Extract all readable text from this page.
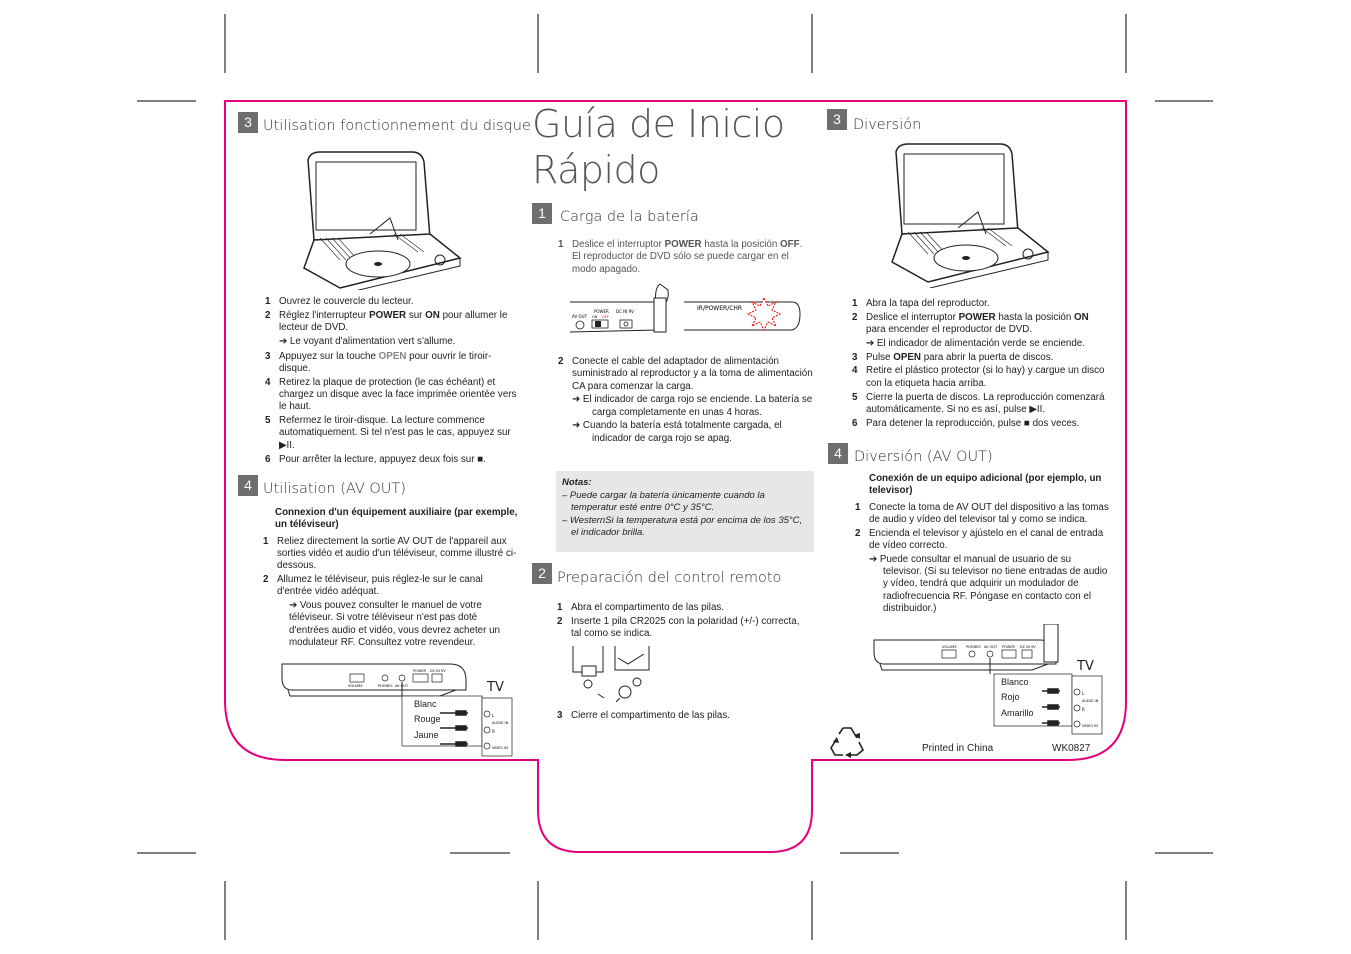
3 Utilisation fonctionnement du disque
1 Ouvrez le couvercle du lecteur.
2 Réglez l'interrupteur POWER sur ON pour allumer le lecteur de DVD.
➔ Le voyant d'alimentation vert s'allume.
3 Appuyez sur la touche OPEN pour ouvrir le tiroir-disque.
4 Retirez la plaque de protection (le cas échéant) et chargez un disque avec la face imprimée orientée vers le haut.
5 Refermez le tiroir-disque. La lecture commence automatiquement. Si tel n'est pas le cas, appuyez sur ▶II.
6 Pour arrêter la lecture, appuyez deux fois sur ■.
4 Utilisation (AV OUT)
Connexion d'un équipement auxiliaire (par exemple, un téléviseur)
1 Reliez directement la sortie AV OUT de l'appareil aux sorties vidéo et audio d'un téléviseur, comme illustré ci-dessous.
2 Allumez le téléviseur, puis réglez-le sur le canal d'entrée vidéo adéquat.
➔ Vous pouvez consulter le manuel de votre téléviseur. Si votre téléviseur n'est pas doté d'entrées audio et vidéo, vous devrez acheter un modulateur RF. Consultez votre revendeur.
VOLUME	PHONES AV OUT
POWER DC IN 9V
AUDIO IN
VIDEO IN
L
R
TV
Blanc
Rouge
Jaune
Guía de Inicio
Rápido
1 Carga de la batería
1 Deslice el interruptor POWER hasta la posición OFF. El reproductor de DVD sólo se puede cargar en el modo apagado.
AV OUT
POWER
ON OFF
DC IN 9V	IR/POWER/CHR
2 Conecte el cable del adaptador de alimentación suministrado al reproductor y a la toma de alimentación CA para comenzar la carga.
➜ El indicador de carga rojo se enciende. La batería se carga completamente en unas 4 horas.
➜ Cuando la batería está totalmente cargada, el indicador de carga rojo se apag.
Notas:
– Puede cargar la batería únicamente cuando la temperatur esté entre 0°C y 35°C.
– WesternSi la temperatura está por encima de los 35°C, el indicador brilla.
2 Preparación del control remoto
1 Abra el compartimento de las pilas.
2 Inserte 1 pila CR2025 con la polaridad (+/-) correcta, tal como se indica.
3 Cierre el compartimento de las pilas.
3 Diversión
1 Abra la tapa del reproductor.
2 Deslice el interruptor POWER hasta la posición ON para encender el reproductor de DVD.
➔ El indicador de alimentación verde se enciende.
3 Pulse OPEN para abrir la puerta de discos.
4 Retire el plástico protector (si lo hay) y cargue un disco con la etiqueta hacia arriba.
5 Cierre la puerta de discos. La reproducción comenzará automáticamente. Si no es así, pulse ▶II.
6 Para detener la reproducción, pulse ■ dos veces.
4 Diversión (AV OUT)
Conexión de un equipo adicional (por ejemplo, un televisor)
1 Conecte la toma de AV OUT del dispositivo a las tomas de audio y vídeo del televisor tal y como se indica.
2 Encienda el televisor y ajústelo en el canal de entrada de vídeo correcto.
➔ Puede consultar el manual de usuario de su televisor. (Si su televisor no tiene entradas de audio y vídeo, tendrá que adquirir un modulador de radiofrecuencia RF. Póngase en contacto con el distribuidor.)
VOLUME	PHONES AV OUT POWER DC IN 9V
AUDIO IN
VIDEO IN
L
R
TV
Blanco
Rojo
Amarillo
Printed in China	WK0827
